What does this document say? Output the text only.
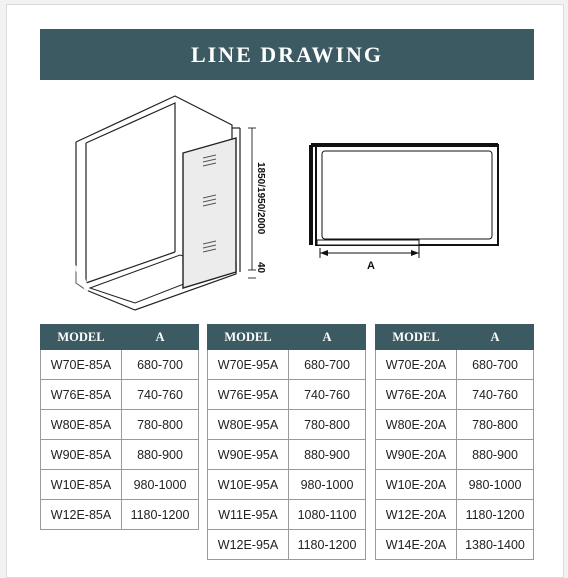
LINE DRAWING
1850/1950/2000
40	A
MODEL	A
W70E-85A	680-700
W76E-85A	740-760
W80E-85A	780-800
W90E-85A	880-900
W10E-85A	980-1000
W12E-85A	1180-1200
MODEL	A
W70E-95A	680-700
W76E-95A	740-760
W80E-95A	780-800
W90E-95A	880-900
W10E-95A	980-1000
W11E-95A	1080-1100
W12E-95A	1180-1200
MODEL	A
W70E-20A	680-700
W76E-20A	740-760
W80E-20A	780-800
W90E-20A	880-900
W10E-20A	980-1000
W12E-20A	1180-1200
W14E-20A	1380-1400
